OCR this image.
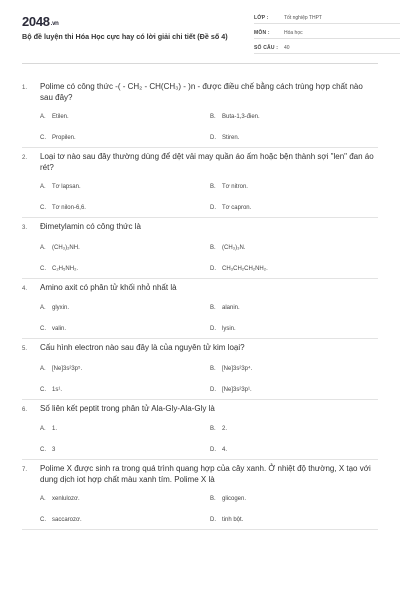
2048.vn
Bộ đề luyện thi Hóa Học cực hay có lời giải chi tiết (Đề số 4)
LỚP :	Tốt nghiệp THPT
MÔN :	Hóa học
SỐ CÂU :	40
1.	Polime có công thức -( - CH₂ - CH(CH₃) - )n - được điều chế bằng cách trùng hợp chất nào sau đây?
A.	Etilen.	B.	Buta-1,3-đien.
C.	Propilen.	D.	Stiren.
2.	Loại tơ nào sau đây thường dùng để dệt vải may quần áo ấm hoặc bện thành sợi "len" đan áo rét?
A.	Tơ lapsan.	B.	Tơ nitron.
C.	Tơ nilon-6,6.	D.	Tơ capron.
3.	Đimetylamin có công thức là
A.	(CH₃)₂NH.	B.	(CH₃)₃N.
C.	C₂H₅NH₂.	D.	CH₃CH₂CH₂NH₂.
4.	Amino axit có phân tử khối nhỏ nhất là
A.	glyxin.	B.	alanin.
C.	valin.	D.	lysin.
5.	Cấu hình electron nào sau đây là của nguyên tử kim loại?
A.	[Ne]3s²3p⁵.	B.	[Ne]3s²3p⁴.
C.	1s¹.	D.	[Ne]3s²3p¹.
6.	Số liên kết peptit trong phân tử Ala-Gly-Ala-Gly là
A.	1.	B.	2.
C.	3	D.	4.
7.	Polime X được sinh ra trong quá trình quang hợp của cây xanh. Ở nhiệt độ thường, X tạo với dung dịch iot hợp chất màu xanh tím. Polime X là
A.	xenlulozơ.	B.	glicogen.
C.	saccarozơ.	D.	tinh bột.
